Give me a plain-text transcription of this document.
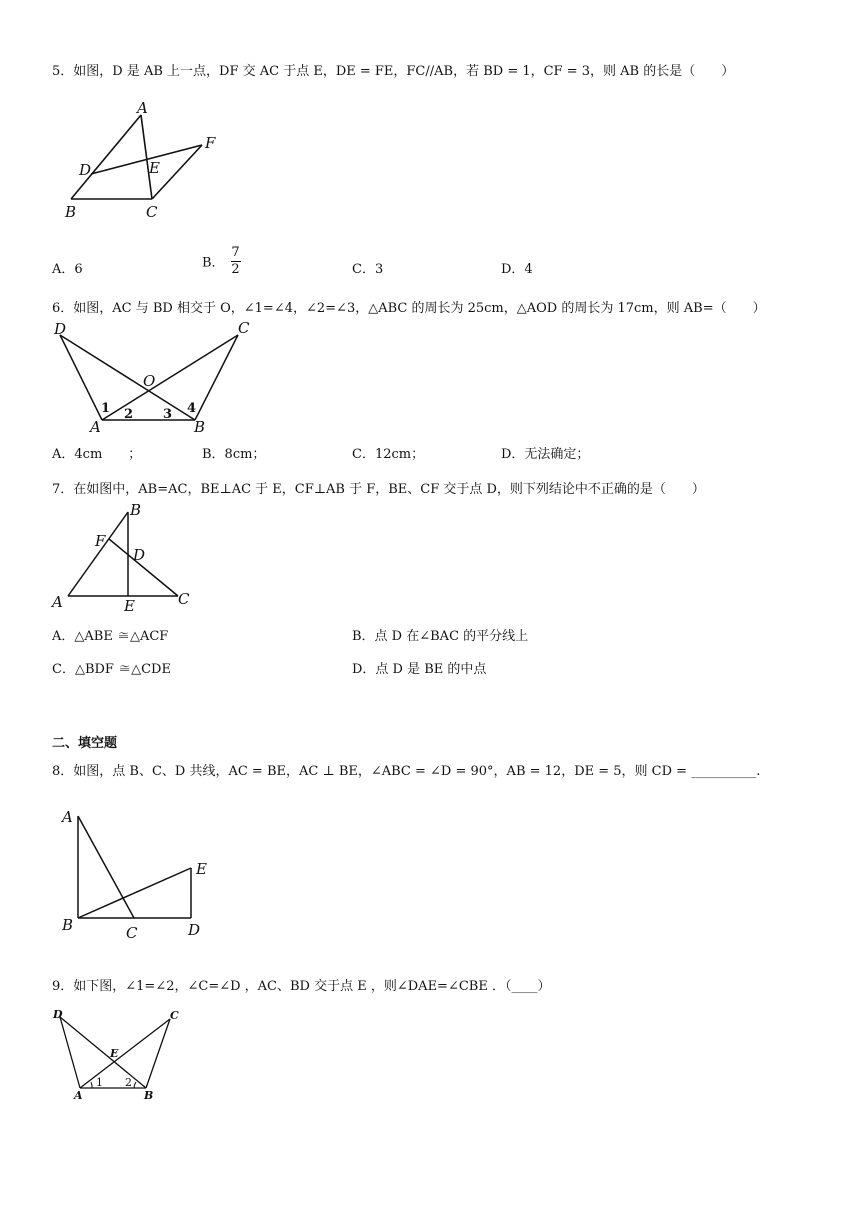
5．如图，D 是 AB 上一点，DF 交 AC 于点 E，DE = FE，FC//AB，若 BD = 1，CF = 3，则 AB 的长是（　　）
A
D	E
F
B	C
A．6	B． $\frac{7}{2}$	C．3	D．4
6．如图，AC 与 BD 相交于 O，∠1=∠4，∠2=∠3，△ABC 的周长为 25cm，△AOD 的周长为 17cm，则 AB=（　　）
D	C
O
A	B
1 2 3 4
A．4cm　　；	B．8cm；	C．12cm；	D．无法确定；
7．在如图中，AB=AC，BE⊥AC 于 E，CF⊥AB 于 F，BE、CF 交于点 D，则下列结论中不正确的是（　　）
B
F
D
A	E	C
A．△ABE ≅△ACF	B．点 D 在∠BAC 的平分线上
C．△BDF ≅△CDE	D．点 D 是 BE 的中点
二、填空题
8．如图，点 B、C、D 共线，AC = BE，AC ⊥ BE，∠ABC = ∠D = 90°，AB = 12，DE = 5，则 CD = __________.
A
B	C	D
E
9．如下图，∠1=∠2，∠C=∠D ，AC、BD 交于点 E ，则∠DAE=∠CBE ．（____）
D	C
E
A	B
1 2
